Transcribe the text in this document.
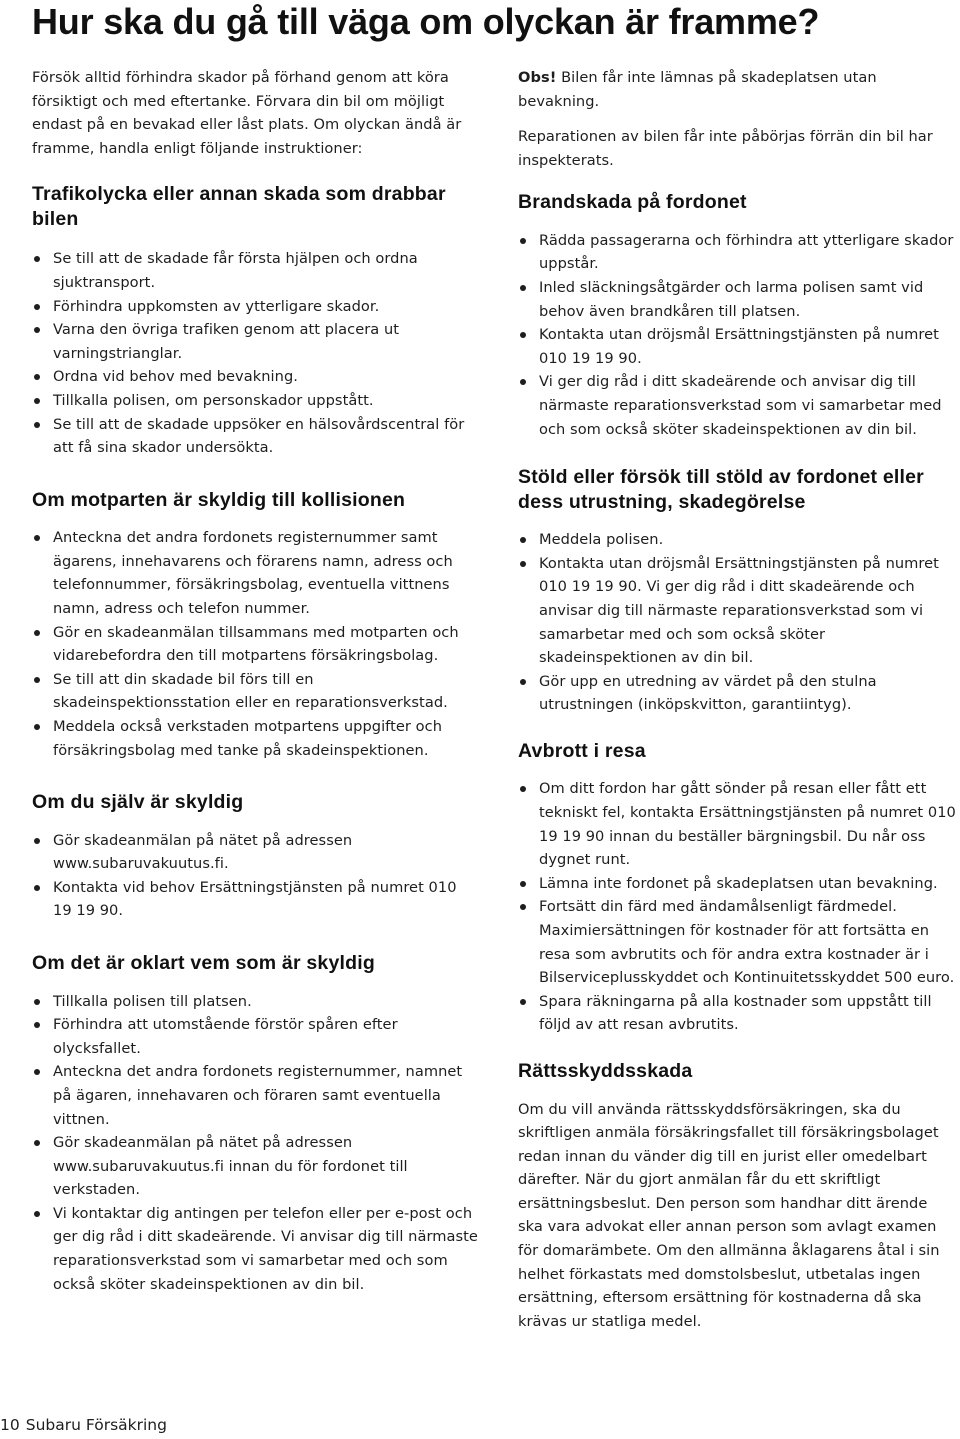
Hur ska du gå till väga om olyckan är framme?

Försök alltid förhindra skador på förhand genom att köra försiktigt och med eftertanke. Förvara din bil om möjligt endast på en bevakad eller låst plats. Om olyckan ändå är framme, handla enligt följande instruktioner:

Trafikolycka eller annan skada som drabbar bilen
Se till att de skadade får första hjälpen och ordna sjuktransport.
Förhindra uppkomsten av ytterligare skador.
Varna den övriga trafiken genom att placera ut varningstrianglar.
Ordna vid behov med bevakning.
Tillkalla polisen, om personskador uppstått.
Se till att de skadade uppsöker en hälsovårdscentral för att få sina skador undersökta.
Om motparten är skyldig till kollisionen
Anteckna det andra fordonets registernummer samt ägarens, innehavarens och förarens namn, adress och telefonnummer, försäkringsbolag, eventuella vittnens namn, adress och telefon nummer.
Gör en skadeanmälan tillsammans med motparten och vidarebefordra den till motpartens försäkringsbolag.
Se till att din skadade bil förs till en skadeinspektionsstation eller en reparationsverkstad.
Meddela också verkstaden motpartens uppgifter och försäkringsbolag med tanke på skadeinspektionen.
Om du själv är skyldig
Gör skadeanmälan på nätet på adressen www.subaruvakuutus.fi.
Kontakta vid behov Ersättningstjänsten på numret 010 19 19 90.
Om det är oklart vem som är skyldig
Tillkalla polisen till platsen.
Förhindra att utomstående förstör spåren efter olycksfallet.
Anteckna det andra fordonets registernummer, namnet på ägaren, innehavaren och föraren samt eventuella vittnen.
Gör skadeanmälan på nätet på adressen www.subaruvakuutus.fi innan du för fordonet till verkstaden.
Vi kontaktar dig antingen per telefon eller per e-post och ger dig råd i ditt skadeärende. Vi anvisar dig till närmaste reparationsverkstad som vi samarbetar med och som också sköter skadeinspektionen av din bil.

Obs! Bilen får inte lämnas på skadeplatsen utan bevakning.

Reparationen av bilen får inte påbörjas förrän din bil har inspekterats.

Brandskada på fordonet
Rädda passagerarna och förhindra att ytterligare skador uppstår.
Inled släckningsåtgärder och larma polisen samt vid behov även brandkåren till platsen.
Kontakta utan dröjsmål Ersättningstjänsten på numret 010 19 19 90.
Vi ger dig råd i ditt skadeärende och anvisar dig till närmaste reparationsverkstad som vi samarbetar med och som också sköter skadeinspektionen av din bil.
Stöld eller försök till stöld av fordonet eller dess utrustning, skadegörelse
Meddela polisen.
Kontakta utan dröjsmål Ersättningstjänsten på numret 010 19 19 90. Vi ger dig råd i ditt skadeärende och anvisar dig till närmaste reparationsverkstad som vi samarbetar med och som också sköter skadeinspektionen av din bil.
Gör upp en utredning av värdet på den stulna utrustningen (inköpskvitton, garantiintyg).
Avbrott i resa
Om ditt fordon har gått sönder på resan eller fått ett tekniskt fel, kontakta Ersättningstjänsten på numret 010 19 19 90 innan du beställer bärgningsbil. Du når oss dygnet runt.
Lämna inte fordonet på skadeplatsen utan bevakning.
Fortsätt din färd med ändamålsenligt färdmedel. Maximiersättningen för kostnader för att fortsätta en resa som avbrutits och för andra extra kostnader är i Bilserviceplusskyddet och Kontinuitetsskyddet 500 euro.
Spara räkningarna på alla kostnader som uppstått till följd av att resan avbrutits.
Rättsskyddsskada

Om du vill använda rättsskyddsförsäkringen, ska du skriftligen anmäla försäkringsfallet till försäkringsbolaget redan innan du vänder dig till en jurist eller omedelbart därefter. När du gjort anmälan får du ett skriftligt ersättningsbeslut. Den person som handhar ditt ärende ska vara advokat eller annan person som avlagt examen för domarämbete. Om den allmänna åklagarens åtal i sin helhet förkastats med domstolsbeslut, utbetalas ingen ersättning, eftersom ersättning för kostnaderna då ska krävas ur statliga medel.

10 Subaru Försäkring
